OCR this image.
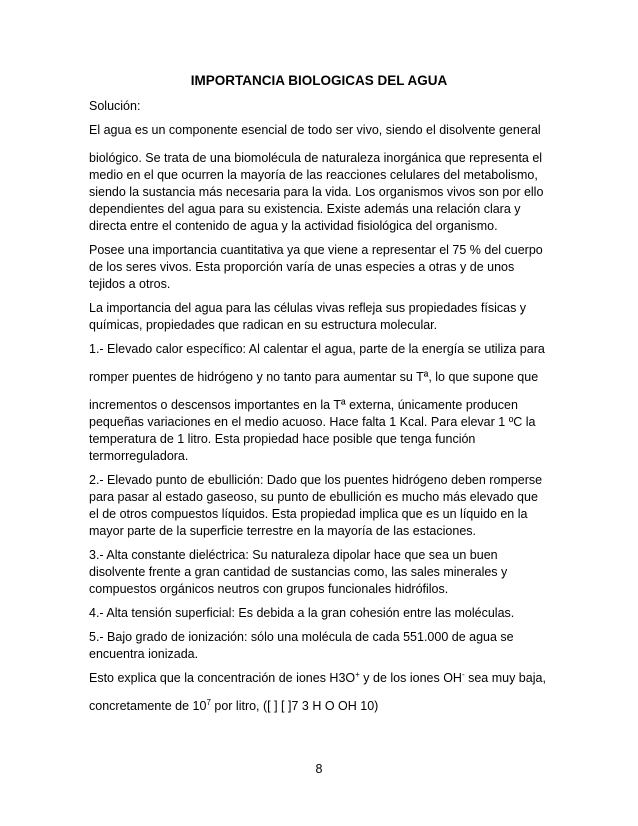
IMPORTANCIA BIOLOGICAS DEL AGUA

Solución:

El agua es un componente esencial de todo ser vivo, siendo el disolvente general

biológico. Se trata de una biomolécula de naturaleza inorgánica que representa el

medio en el que ocurren la mayoría de las reacciones celulares del metabolismo,

siendo la sustancia más necesaria para la vida. Los organismos vivos son por ello

dependientes del agua para su existencia. Existe además una relación clara y

directa entre el contenido de agua y la actividad fisiológica del organismo.

Posee una importancia cuantitativa ya que viene a representar el 75 % del cuerpo

de los seres vivos. Esta proporción varía de unas especies a otras y de unos

tejidos a otros.

La importancia del agua para las células vivas refleja sus propiedades físicas y

químicas, propiedades que radican en su estructura molecular.

1.- Elevado calor específico: Al calentar el agua, parte de la energía se utiliza para

romper puentes de hidrógeno y no tanto para aumentar su Tª, lo que supone que

incrementos o descensos importantes en la Tª externa, únicamente producen

pequeñas variaciones en el medio acuoso. Hace falta 1 Kcal. Para elevar 1 ºC la

temperatura de 1 litro. Esta propiedad hace posible que tenga función

termorreguladora.

2.- Elevado punto de ebullición: Dado que los puentes hidrógeno deben romperse

para pasar al estado gaseoso, su punto de ebullición es mucho más elevado que

el de otros compuestos líquidos. Esta propiedad implica que es un líquido en la

mayor parte de la superficie terrestre en la mayoría de las estaciones.

3.- Alta constante dieléctrica: Su naturaleza dipolar hace que sea un buen

disolvente frente a gran cantidad de sustancias como, las sales minerales y

compuestos orgánicos neutros con grupos funcionales hidrófilos.

4.- Alta tensión superficial: Es debida a la gran cohesión entre las moléculas.

5.- Bajo grado de ionización: sólo una molécula de cada 551.000 de agua se

encuentra ionizada.

Esto explica que la concentración de iones H3O+ y de los iones OH- sea muy baja,

concretamente de $10^7$ por litro, ([ ] [ ]7 3 H O OH 10)

8
